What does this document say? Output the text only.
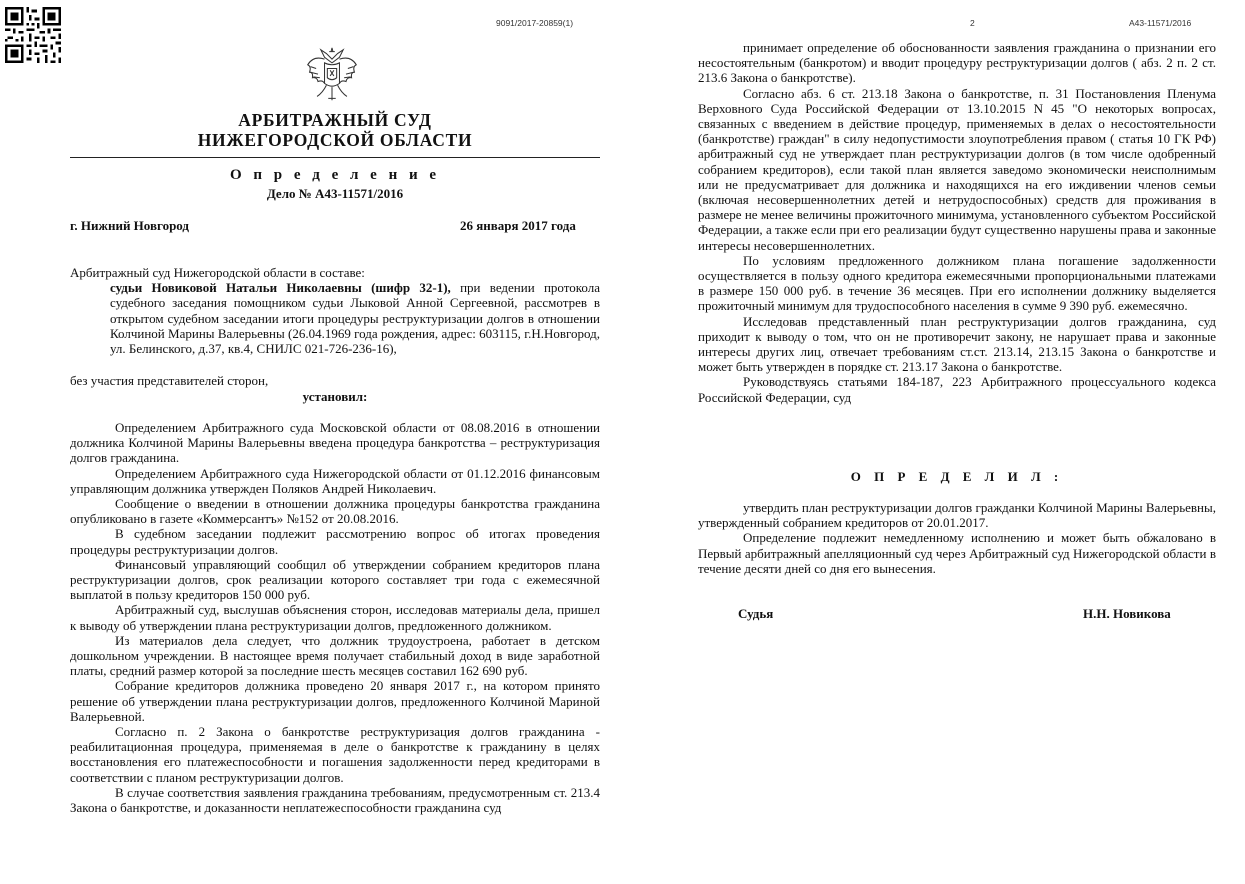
9091/2017-20859(1)
АРБИТРАЖНЫЙ СУД
НИЖЕГОРОДСКОЙ ОБЛАСТИ
О п р е д е л е н и е
Дело № А43-11571/2016
г. Нижний Новгород	26 января 2017 года
Арбитражный суд Нижегородской области в составе:
судьи Новиковой Натальи Николаевны (шифр 32-1), при ведении протокола судебного заседания помощником судьи Лыковой Анной Сергеевной, рассмотрев в открытом судебном заседании итоги процедуры реструктуризации долгов в отношении Колчиной Марины Валерьевны (26.04.1969 года рождения, адрес: 603115, г.Н.Новгород, ул. Белинского, д.37, кв.4, СНИЛС 021-726-236-16),
без участия представителей сторон,
установил:
Определением Арбитражного суда Московской области от 08.08.2016 в отношении должника Колчиной Марины Валерьевны введена процедура банкротства – реструктуризация долгов гражданина.
Определением Арбитражного суда Нижегородской области от 01.12.2016 финансовым управляющим должника утвержден Поляков Андрей Николаевич.
Сообщение о введении в отношении должника процедуры банкротства гражданина опубликовано в газете «Коммерсантъ» №152 от 20.08.2016.
В судебном заседании подлежит рассмотрению вопрос об итогах проведения процедуры реструктуризации долгов.
Финансовый управляющий сообщил об утверждении собранием кредиторов плана реструктуризации долгов, срок реализации которого составляет три года с ежемесячной выплатой в пользу кредиторов 150 000 руб.
Арбитражный суд, выслушав объяснения сторон, исследовав материалы дела, пришел к выводу об утверждении плана реструктуризации долгов, предложенного должником.
Из материалов дела следует, что должник трудоустроена, работает в детском дошкольном учреждении. В настоящее время получает стабильный доход в виде заработной платы, средний размер которой за последние шесть месяцев составил 162 690 руб.
Собрание кредиторов должника проведено 20 января 2017 г., на котором принято решение об утверждении плана реструктуризации долгов, предложенного Колчиной Мариной Валерьевной.
Согласно п. 2 Закона о банкротстве реструктуризация долгов гражданина - реабилитационная процедура, применяемая в деле о банкротстве к гражданину в целях восстановления его платежеспособности и погашения задолженности перед кредиторами в соответствии с планом реструктуризации долгов.
В случае соответствия заявления гражданина требованиям, предусмотренным ст. 213.4 Закона о банкротстве, и доказанности неплатежеспособности гражданина суд
2	А43-11571/2016
принимает определение об обоснованности заявления гражданина о признании его несостоятельным (банкротом) и вводит процедуру реструктуризации долгов ( абз. 2 п. 2 ст. 213.6 Закона о банкротстве).
Согласно абз. 6 ст. 213.18 Закона о банкротстве, п. 31 Постановления Пленума Верховного Суда Российской Федерации от 13.10.2015 N 45 "О некоторых вопросах, связанных с введением в действие процедур, применяемых в делах о несостоятельности (банкротстве) граждан" в силу недопустимости злоупотребления правом ( статья 10 ГК РФ) арбитражный суд не утверждает план реструктуризации долгов (в том числе одобренный собранием кредиторов), если такой план является заведомо экономически неисполнимым или не предусматривает для должника и находящихся на его иждивении членов семьи (включая несовершеннолетних детей и нетрудоспособных) средств для проживания в размере не менее величины прожиточного минимума, установленного субъектом Российской Федерации, а также если при его реализации будут существенно нарушены права и законные интересы несовершеннолетних.
По условиям предложенного должником плана погашение задолженности осуществляется в пользу одного кредитора ежемесячными пропорциональными платежами в размере 150 000 руб. в течение 36 месяцев. При его исполнении должнику выделяется прожиточный минимум для трудоспособного населения в сумме 9 390 руб. ежемесячно.
Исследовав представленный план реструктуризации долгов гражданина, суд приходит к выводу о том, что он не противоречит закону, не нарушает права и законные интересы других лиц, отвечает требованиям ст.ст. 213.14, 213.15 Закона о банкротстве и может быть утвержден в порядке ст. 213.17 Закона о банкротстве.
Руководствуясь статьями 184-187, 223 Арбитражного процессуального кодекса Российской Федерации, суд
О П Р Е Д Е Л И Л :
утвердить план реструктуризации долгов гражданки Колчиной Марины Валерьевны, утвержденный собранием кредиторов от 20.01.2017.
Определение подлежит немедленному исполнению и может быть обжаловано в Первый арбитражный апелляционный суд через Арбитражный суд Нижегородской области в течение десяти дней со дня его вынесения.
Судья	Н.Н. Новикова
